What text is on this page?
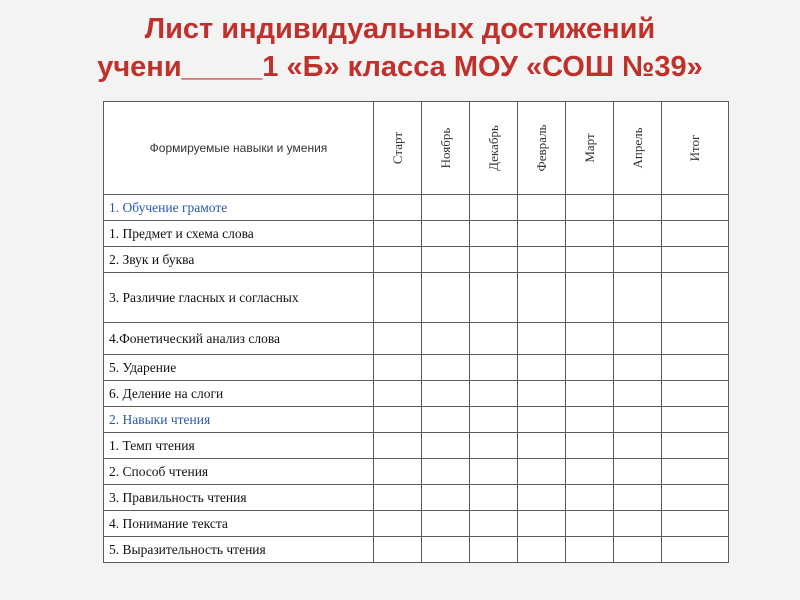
Лист индивидуальных достижений
учени_____1 «Б» класса МОУ «СОШ №39»
Формируемые навыки и умения	Старт	Ноябрь	Декабрь	Февраль	Март	Апрель	Итог

1. Обучение грамоте							
1. Предмет и схема слова							
2. Звук и буква							
3. Различие гласных и согласных							
4.Фонетический анализ слова							
5. Ударение							
6. Деление на слоги							
2. Навыки чтения							
1. Темп чтения							
2. Способ чтения							
3. Правильность чтения							
4. Понимание текста							
5. Выразительность чтения							
